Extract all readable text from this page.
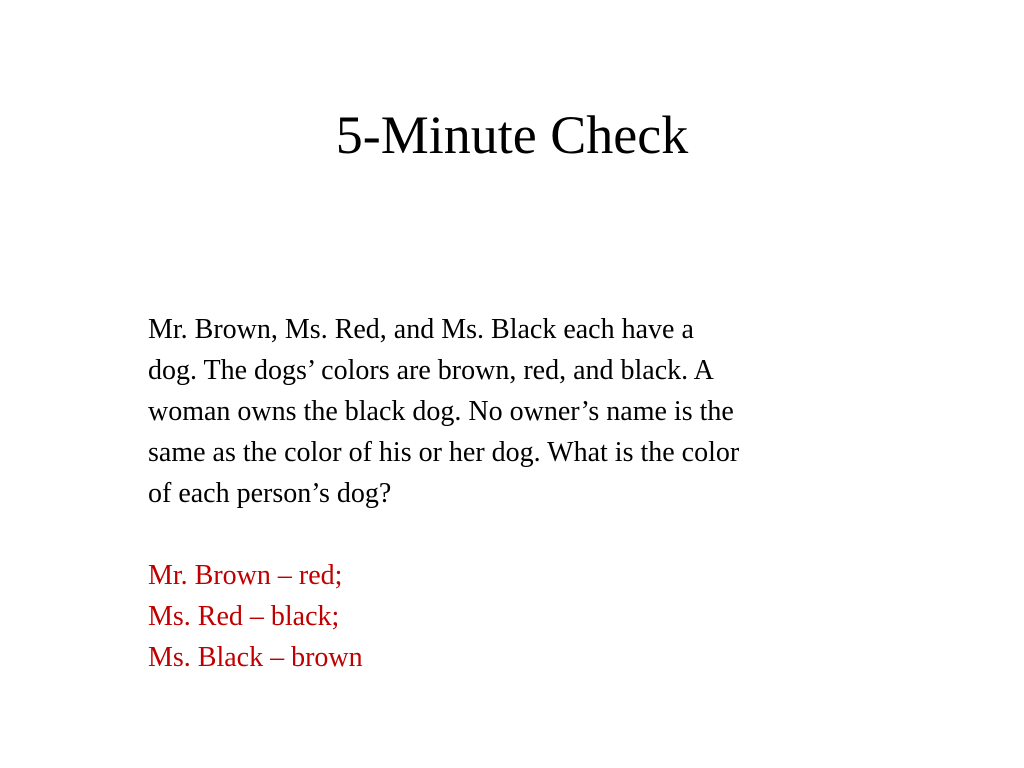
5-Minute Check
Mr. Brown, Ms. Red, and Ms. Black each have a
dog. The dogs’ colors are brown, red, and black. A
woman owns the black dog. No owner’s name is the
same as the color of his or her dog. What is the color
of each person’s dog?
Mr. Brown – red;
Ms. Red – black;
Ms. Black – brown
